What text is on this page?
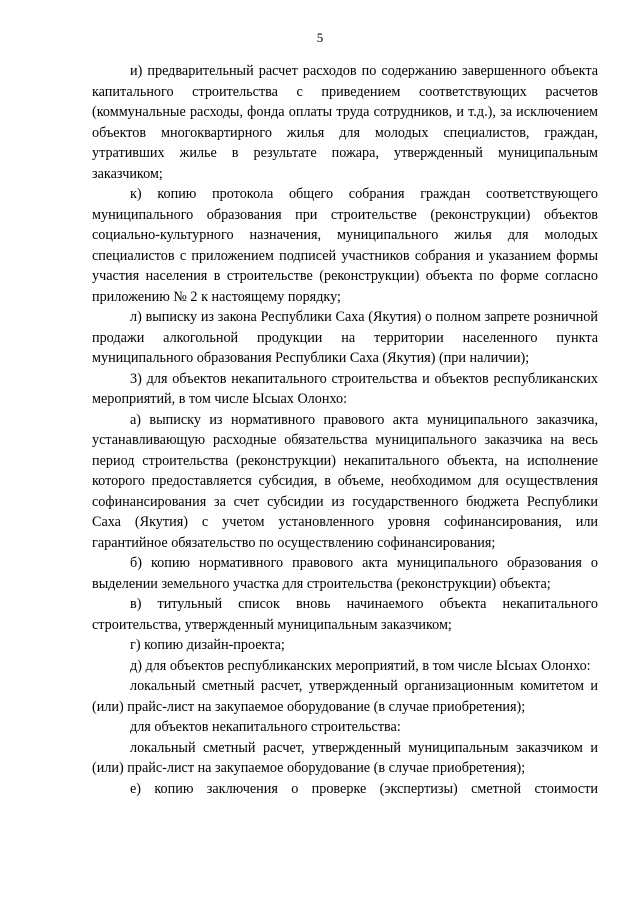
5

и) предварительный расчет расходов по содержанию завершенного объекта капитального строительства с приведением соответствующих расчетов (коммунальные расходы, фонда оплаты труда сотрудников, и т.д.), за исключением объектов многоквартирного жилья для молодых специалистов, граждан, утративших жилье в результате пожара, утвержденный муниципальным заказчиком;

к) копию протокола общего собрания граждан соответствующего муниципального образования при строительстве (реконструкции) объектов социально-культурного назначения, муниципального жилья для молодых специалистов с приложением подписей участников собрания и указанием формы участия населения в строительстве (реконструкции) объекта по форме согласно приложению № 2 к настоящему порядку;

л) выписку из закона Республики Саха (Якутия) о полном запрете розничной продажи алкогольной продукции на территории населенного пункта муниципального образования Республики Саха (Якутия) (при наличии);

3) для объектов некапитального строительства и объектов республиканских мероприятий, в том числе Ысыах Олонхо:

а) выписку из нормативного правового акта муниципального заказчика, устанавливающую расходные обязательства муниципального заказчика на весь период строительства (реконструкции) некапитального объекта, на исполнение которого предоставляется субсидия, в объеме, необходимом для осуществления софинансирования за счет субсидии из государственного бюджета Республики Саха (Якутия) с учетом установленного уровня софинансирования, или гарантийное обязательство по осуществлению софинансирования;

б) копию нормативного правового акта муниципального образования о выделении земельного участка для строительства (реконструкции) объекта;

в) титульный список вновь начинаемого объекта некапитального строительства, утвержденный муниципальным заказчиком;

г) копию дизайн-проекта;

д) для объектов республиканских мероприятий, в том числе Ысыах Олонхо:

локальный сметный расчет, утвержденный организационным комитетом и (или) прайс-лист на закупаемое оборудование (в случае приобретения);

для объектов некапитального строительства:

локальный сметный расчет, утвержденный муниципальным заказчиком и (или) прайс-лист на закупаемое оборудование (в случае приобретения);

е) копию заключения о проверке (экспертизы) сметной стоимости
